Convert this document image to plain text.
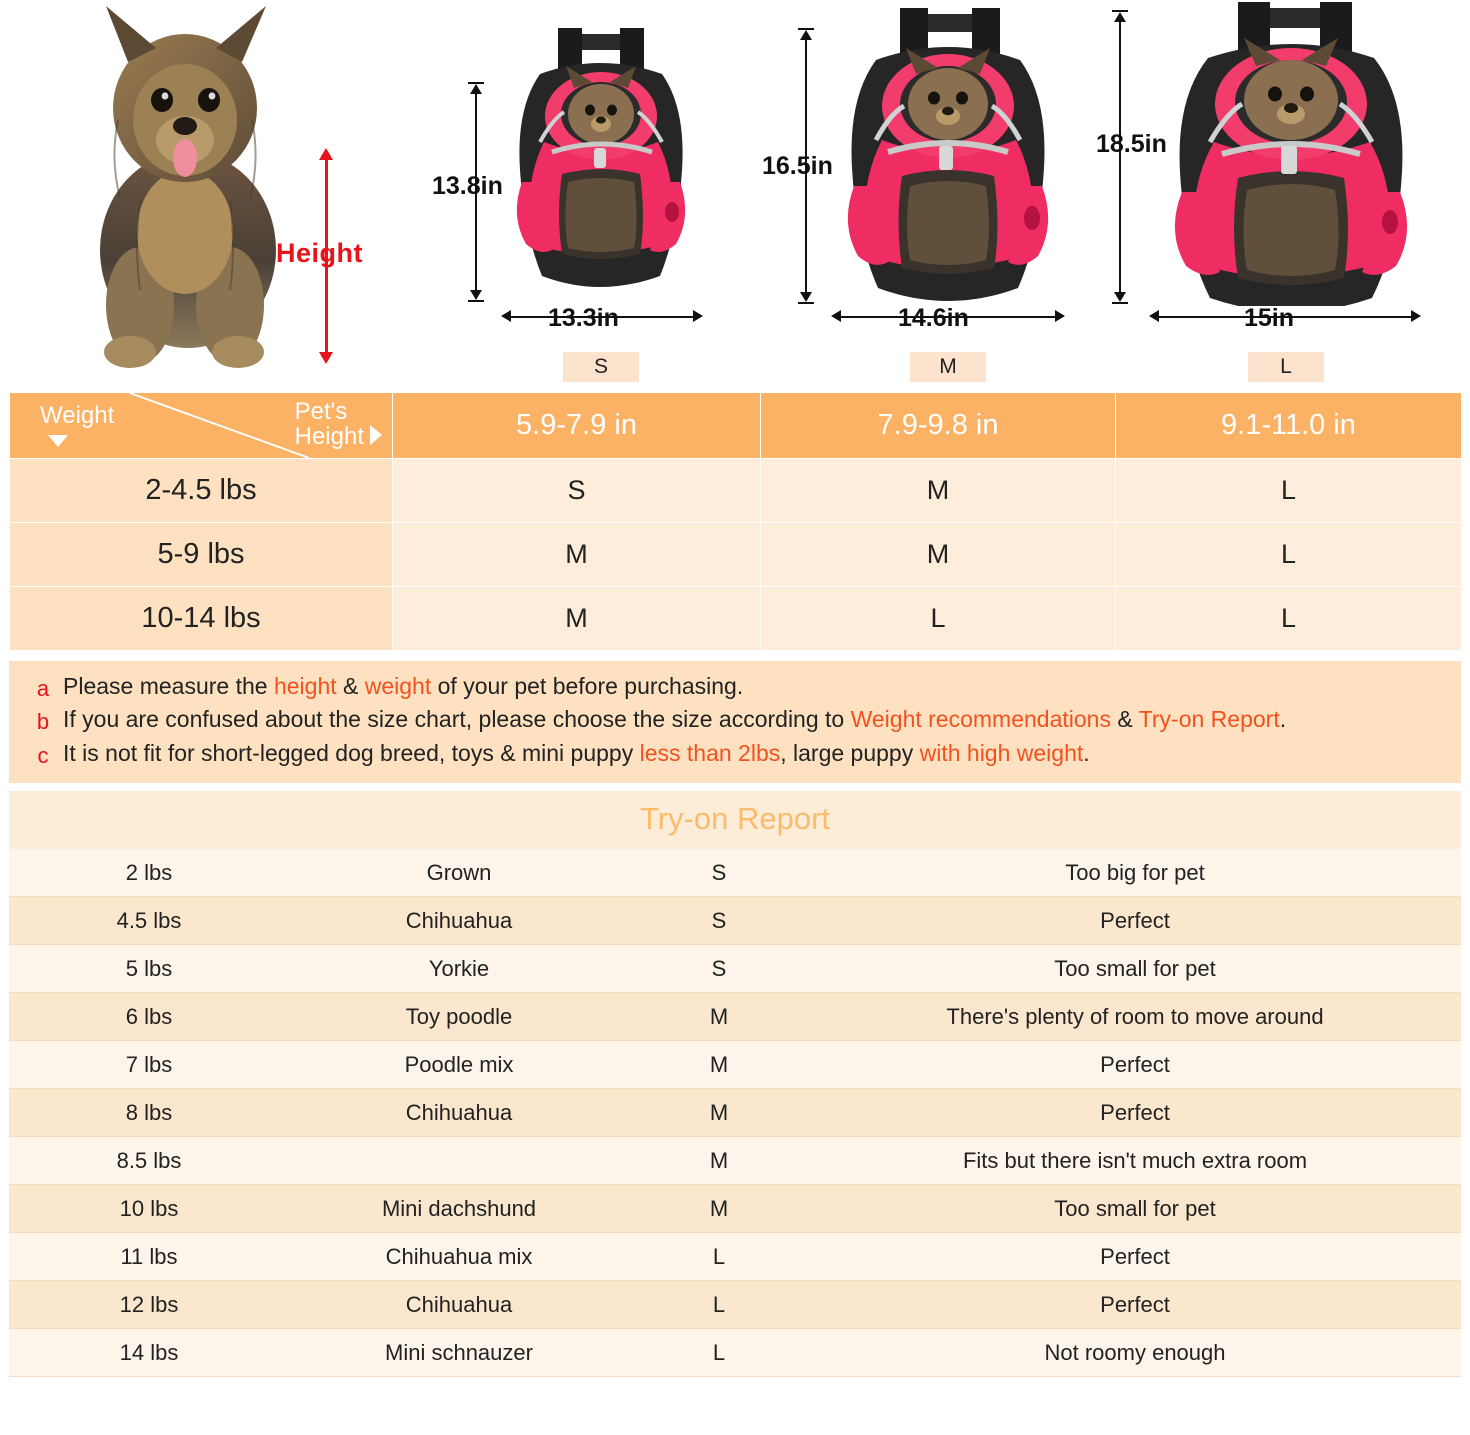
Height
13.8in
13.3in
S
16.5in
14.6in
M
18.5in
15in
L
Weight Pet's
Height	5.9-7.9 in	7.9-9.8 in	9.1-11.0 in
2-4.5 lbs	S	M	L
5-9 lbs	M	M	L
10-14 lbs	M	L	L
a Please measure the height & weight of your pet before purchasing.
b If you are confused about the size chart, please choose the size according to Weight recommendations & Try-on Report.
c It is not fit for short-legged dog breed, toys & mini puppy less than 2lbs, large puppy with high weight.
Try-on Report
2 lbs	Grown	S	Too big for pet
4.5 lbs	Chihuahua	S	Perfect
5 lbs	Yorkie	S	Too small for pet
6 lbs	Toy poodle	M	There's plenty of room to move around
7 lbs	Poodle mix	M	Perfect
8 lbs	Chihuahua	M	Perfect
8.5 lbs		M	Fits but there isn't much extra room
10 lbs	Mini dachshund	M	Too small for pet
11 lbs	Chihuahua mix	L	Perfect
12 lbs	Chihuahua	L	Perfect
14 lbs	Mini schnauzer	L	Not roomy enough
